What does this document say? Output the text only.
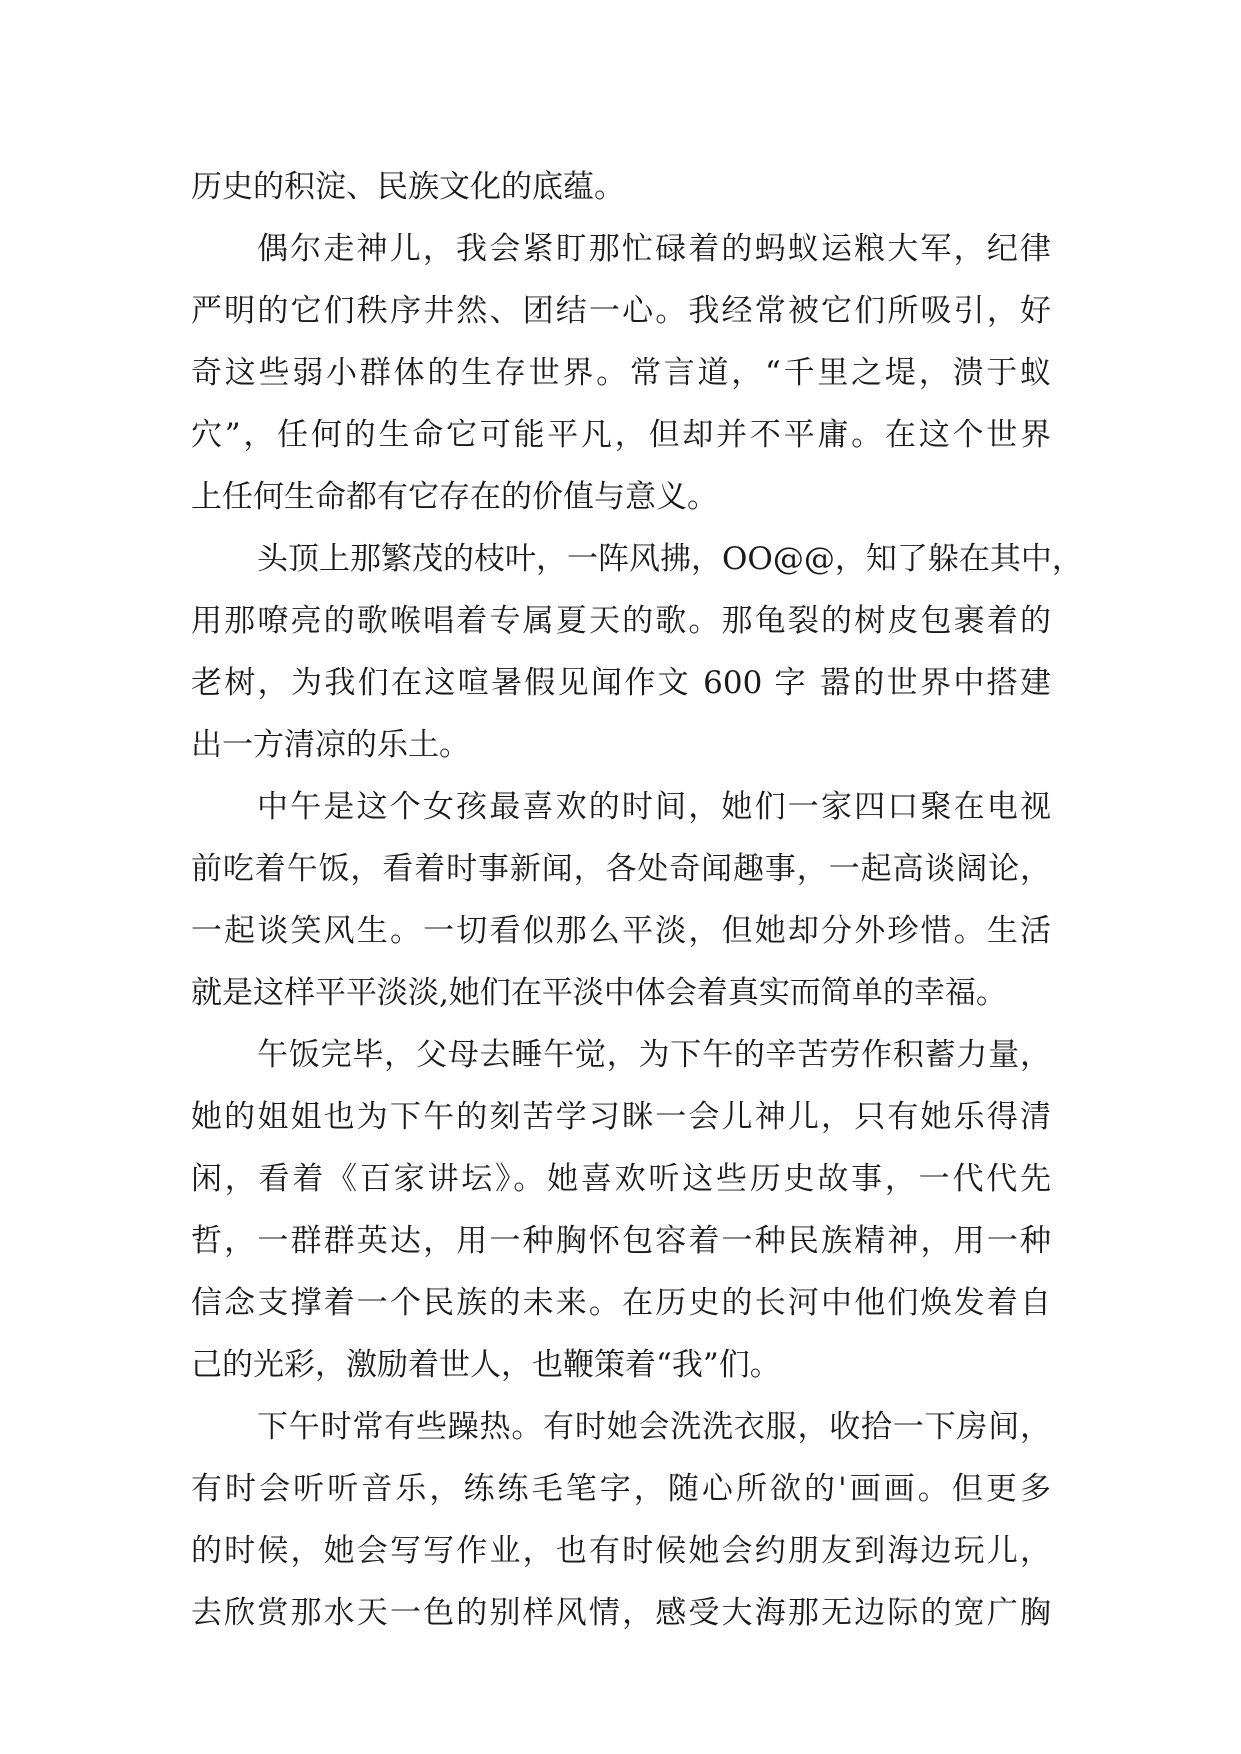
历史的积淀、民族文化的底蕴。
偶尔走神儿，我会紧盯那忙碌着的蚂蚁运粮大军，纪律
严明的它们秩序井然、团结一心。我经常被它们所吸引，好
奇这些弱小群体的生存世界。常言道，“千里之堤，溃于蚁
穴”，任何的生命它可能平凡，但却并不平庸。在这个世界
上任何生命都有它存在的价值与意义。
头顶上那繁茂的枝叶，一阵风拂，OO@@，知了躲在其中，
用那嘹亮的歌喉唱着专属夏天的歌。那龟裂的树皮包裹着的
老树，为我们在这喧暑假见闻作文 600 字 嚣的世界中搭建
出一方清凉的乐土。
中午是这个女孩最喜欢的时间，她们一家四口聚在电视
前吃着午饭，看着时事新闻，各处奇闻趣事，一起高谈阔论，
一起谈笑风生。一切看似那么平淡，但她却分外珍惜。生活
就是这样平平淡淡,她们在平淡中体会着真实而简单的幸福。
午饭完毕，父母去睡午觉，为下午的辛苦劳作积蓄力量，
她的姐姐也为下午的刻苦学习眯一会儿神儿，只有她乐得清
闲，看着《百家讲坛》。她喜欢听这些历史故事，一代代先
哲，一群群英达，用一种胸怀包容着一种民族精神，用一种
信念支撑着一个民族的未来。在历史的长河中他们焕发着自
己的光彩，激励着世人，也鞭策着“我”们。
下午时常有些躁热。有时她会洗洗衣服，收拾一下房间，
有时会听听音乐，练练毛笔字，随心所欲的'画画。但更多
的时候，她会写写作业，也有时候她会约朋友到海边玩儿，
去欣赏那水天一色的别样风情，感受大海那无边际的宽广胸
